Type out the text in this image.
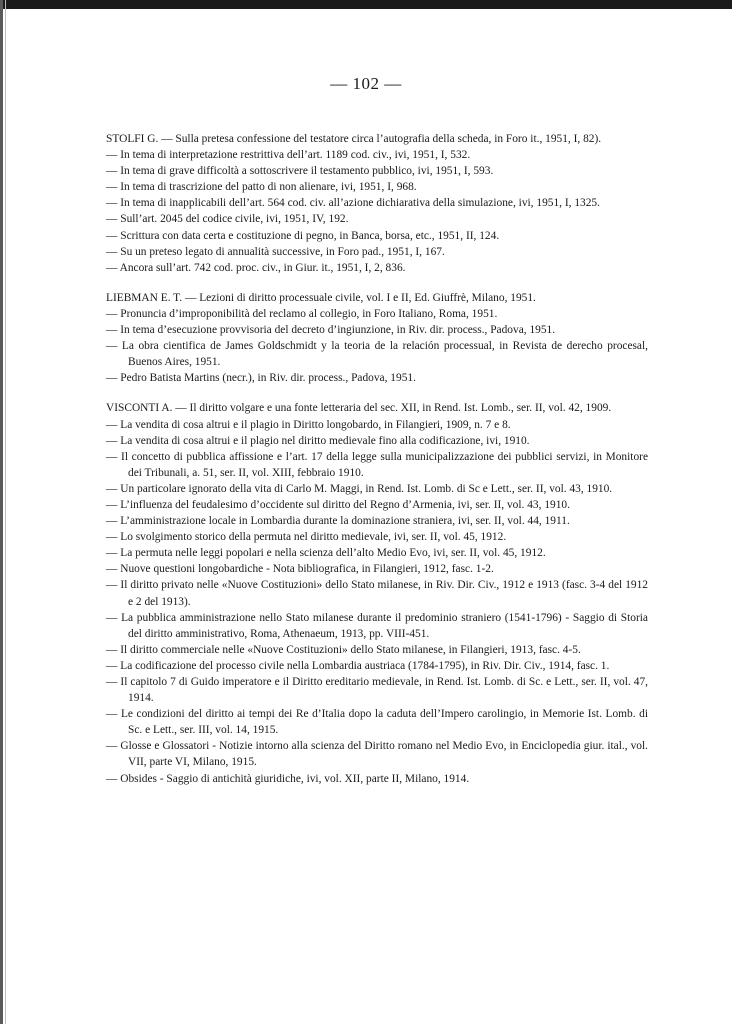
— 102 —
STOLFI G. — Sulla pretesa confessione del testatore circa l’autografia della scheda, in Foro it., 1951, I, 82).
— In tema di interpretazione restrittiva dell’art. 1189 cod. civ., ivi, 1951, I, 532.
— In tema di grave difficoltà a sottoscrivere il testamento pubblico, ivi, 1951, I, 593.
— In tema di trascrizione del patto di non alienare, ivi, 1951, I, 968.
— In tema di inapplicabili dell’art. 564 cod. civ. all’azione dichiarativa della simulazione, ivi, 1951, I, 1325.
— Sull’art. 2045 del codice civile, ivi, 1951, IV, 192.
— Scrittura con data certa e costituzione di pegno, in Banca, borsa, etc., 1951, II, 124.
— Su un preteso legato di annualità successive, in Foro pad., 1951, I, 167.
— Ancora sull’art. 742 cod. proc. civ., in Giur. it., 1951, I, 2, 836.
LIEBMAN E. T. — Lezioni di diritto processuale civile, vol. I e II, Ed. Giuffrè, Milano, 1951.
— Pronuncia d’improponibilità del reclamo al collegio, in Foro Italiano, Roma, 1951.
— In tema d’esecuzione provvisoria del decreto d’ingiunzione, in Riv. dir. process., Padova, 1951.
— La obra cientifica de James Goldschmidt y la teoria de la relación processual, in Revista de derecho procesal, Buenos Aires, 1951.
— Pedro Batista Martins (necr.), in Riv. dir. process., Padova, 1951.
VISCONTI A. — Il diritto volgare e una fonte letteraria del sec. XII, in Rend. Ist. Lomb., ser. II, vol. 42, 1909.
— La vendita di cosa altrui e il plagio in Diritto longobardo, in Filangieri, 1909, n. 7 e 8.
— La vendita di cosa altrui e il plagio nel diritto medievale fino alla codificazione, ivi, 1910.
— Il concetto di pubblica affissione e l’art. 17 della legge sulla municipalizzazione dei pubblici servizi, in Monitore dei Tribunali, a. 51, ser. II, vol. XIII, febbraio 1910.
— Un particolare ignorato della vita di Carlo M. Maggi, in Rend. Ist. Lomb. di Sc e Lett., ser. II, vol. 43, 1910.
— L’influenza del feudalesimo d’occidente sul diritto del Regno d’Armenia, ivi, ser. II, vol. 43, 1910.
— L’amministrazione locale in Lombardia durante la dominazione straniera, ivi, ser. II, vol. 44, 1911.
— Lo svolgimento storico della permuta nel diritto medievale, ivi, ser. II, vol. 45, 1912.
— La permuta nelle leggi popolari e nella scienza dell’alto Medio Evo, ivi, ser. II, vol. 45, 1912.
— Nuove questioni longobardiche - Nota bibliografica, in Filangieri, 1912, fasc. 1-2.
— Il diritto privato nelle «Nuove Costituzioni» dello Stato milanese, in Riv. Dir. Civ., 1912 e 1913 (fasc. 3-4 del 1912 e 2 del 1913).
— La pubblica amministrazione nello Stato milanese durante il predominio straniero (1541-1796) - Saggio di Storia del diritto amministrativo, Roma, Athenaeum, 1913, pp. VIII-451.
— Il diritto commerciale nelle «Nuove Costituzioni» dello Stato milanese, in Filangieri, 1913, fasc. 4-5.
— La codificazione del processo civile nella Lombardia austriaca (1784-1795), in Riv. Dir. Civ., 1914, fasc. 1.
— Il capitolo 7 di Guido imperatore e il Diritto ereditario medievale, in Rend. Ist. Lomb. di Sc. e Lett., ser. II, vol. 47, 1914.
— Le condizioni del diritto ai tempi dei Re d’Italia dopo la caduta dell’Impero carolingio, in Memorie Ist. Lomb. di Sc. e Lett., ser. III, vol. 14, 1915.
— Glosse e Glossatori - Notizie intorno alla scienza del Diritto romano nel Medio Evo, in Enciclopedia giur. ital., vol. VII, parte VI, Milano, 1915.
— Obsides - Saggio di antichità giuridiche, ivi, vol. XII, parte II, Milano, 1914.
